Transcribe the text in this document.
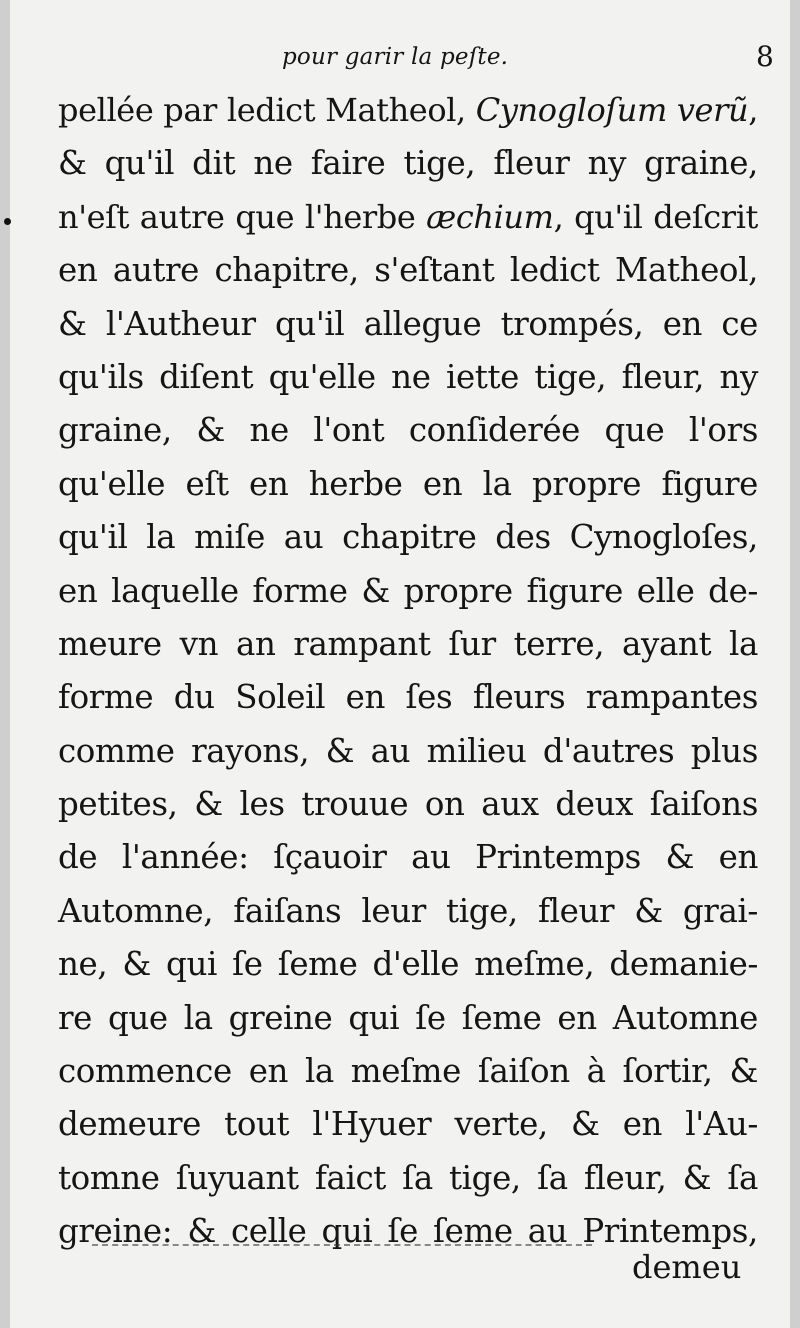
pour garir la peſte.	8
pellée par ledict Matheol, Cynogloſum verũ,
& qu'il dit ne faire tige, fleur ny graine,
n'eſt autre que l'herbe æchium, qu'il deſcrit
en autre chapitre, s'eſtant ledict Matheol,
& l'Autheur qu'il allegue trompés, en ce
qu'ils diſent qu'elle ne iette tige, fleur, ny
graine, & ne l'ont conſiderée que l'ors
qu'elle eſt en herbe en la propre figure
qu'il la miſe au chapitre des Cynogloſes,
en laquelle forme & propre figure elle de-
meure vn an rampant ſur terre, ayant la
forme du Soleil en ſes fleurs rampantes
comme rayons, & au milieu d'autres plus
petites, & les trouue on aux deux ſaiſons
de l'année: ſçauoir au Printemps & en
Automne, faiſans leur tige, fleur & grai-
ne, & qui ſe ſeme d'elle meſme, demanie-
re que la greine qui ſe ſeme en Automne
commence en la meſme ſaiſon à ſortir, &
demeure tout l'Hyuer verte, & en l'Au-
tomne ſuyuant faict ſa tige, ſa fleur, & ſa
greine: & celle qui ſe ſeme au Printemps,
demeu
